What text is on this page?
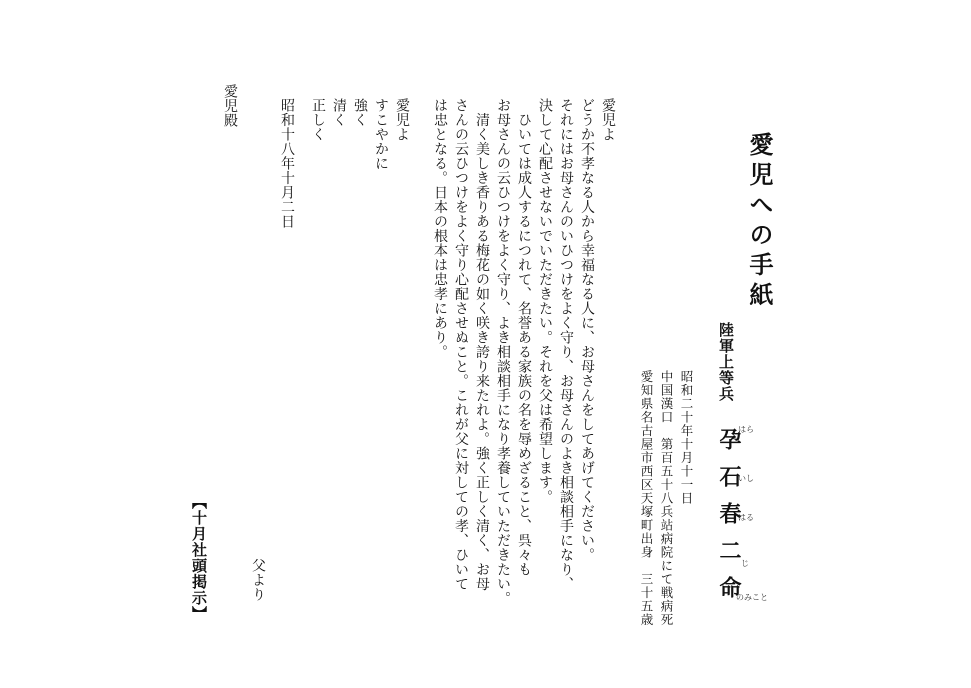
愛児への手紙
陸軍上等兵
孕石春二命
はら
いし
はる
じ
のみこと
昭和二十年十月十一日
中国漢口　第百五十八兵站病院にて戦病死
愛知県名古屋市西区天塚町出身　三十五歳
愛児よ
どうか不孝なる人から幸福なる人に、お母さんをしてあげてください。
それにはお母さんのいひつけをよく守り、お母さんのよき相談相手になり、
決して心配させないでいただきたい。それを父は希望します。
　ひいては成人するにつれて、名誉ある家族の名を辱めざること、呉々も
お母さんの云ひつけをよく守り、よき相談相手になり孝養していただきたい。
　清く美しき香りある梅花の如く咲き誇り来たれよ。強く正しく清く、お母
さんの云ひつけをよく守り心配させぬこと。これが父に対しての孝、ひいて
は忠となる。日本の根本は忠孝にあり。
愛児よ
すこやかに
強く
清く
正しく
昭和十八年十月二日
父より
愛児殿
【十月社頭掲示】
